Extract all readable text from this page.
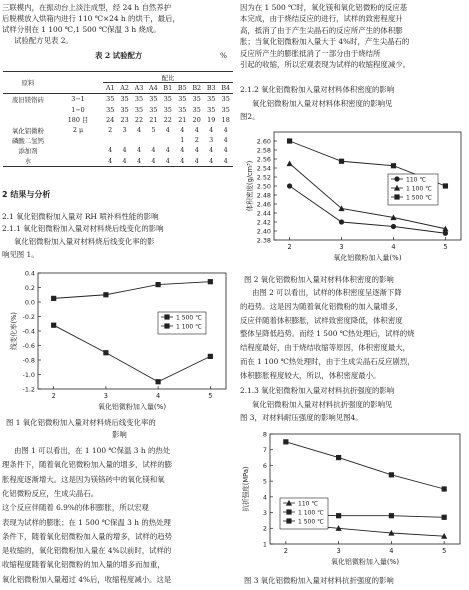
三联模内，在振动台上淡注成型，经 24 h 自然养护

后脱模放入烘箱内进行 110 ℃×24 h 的烘干，最后，

试样分别在 1 100 ℃,1 500 ℃保温 3 h 烧成。

试验配方见表 2。

表 2 试验配方	%

原料		配比								
		A1	A2	A3	A4	B1	B5	B2	B3	B4
废旧镁铬砖	3−1	35	35	35	35	35	35	35	35	35
	1−0	35	35	35	35	35	35	35	35	35
	180 目	24	23	22	21	22	21	20	19	18
氧化铝微粉	2 μ	2	3	4	5	4	4	4	4	4
磷酸二氢钙							1	2	3	4
添加剂		4	4	4	4	4	4	4	4	4
水		4	4	4	4	4	4	4	4	4

2 结果与分析

2.1 氧化铝微粉加入量对 RH 喷补料性能的影响

2.1.1 氧化铝微粉加入量对材料烧后线变化的影响

氧化铝微粉加入量对材料烧后线变化率的影

响见图 1。

0.4
0.2
0.0
-0.2
-0.4
-0.6
-0.8
-1.0
-1.2
2	3	4	5
氧化铝微粉加入量(%)
线变化率(%)	1 500 ℃
1 100 ℃

图 1 氧化铝微粉加入量对材料烧后线变化率的

影响

由图 1 可以看出，在 1 100 ℃保温 3 h 的热处

理条件下，随着氧化铝微粉加入量的增多，试样的膨

胀程度逐渐增大。这是因为镁铬砖中的氧化镁和氧

化铝微粉反应，生成尖晶石。

这个反应伴随着 6.9%的体积膨胀，所以宏观

表现为试样的膨胀；在 1 500 ℃保温 3 h 的热处理

条件下，随着氧化铝微粉加入量的增多，试样的趋势

是收缩的，氧化铝微粉加入量在 4%以前时，试样的

收缩程度随着氧化铝微粉的加入量的增多而加重，

氧化铝微粉加入量超过 4%后，收缩程度减小。这是

因为在 1 500 ℃时，氧化镁和氧化铝微粉的反应基

本完成，由于烧结反应的进行，试样的致密程度升

高，抵消了由于产生尖晶石的反应所产生的体积膨

胀；当氧化铝微粉加入量大于 4%时，产生尖晶石的

反应所产生的膨胀抵消了一部分由于烧结所

引起的收缩，所以宏观表现为试样的收缩程度减少。

2.1.2 氧化铝微粉加入量对材料体积密度的影响

氧化铝微粉加入量对材料体积密度的影响见

图2。

2.60
2.58
2.56
2.54
2.52
2.50
2.48
2.46
2.44
2.42
2.40
2.38
2	3	4	5
氧化铝微粉加入量(%)
体积密度(g/cm³)	110 ℃
1 100 ℃
1 500 ℃

图 2 氧化铝微粉加入量对材料体积密度的影响

由图 2 可以看出，试样的体积密度呈逐渐下降

的趋势。这是因为随着氧化铝微粉的加入量增多，

反应伴随着体积膨胀，试样致密度降低，体积密度

整体呈降低趋势。而经 1 500 ℃热处理后，试样的烧

结程度最好，由于烧结收缩等原因，体积密度最大，

而在 1 100 ℃热处理时，由于生成尖晶石反应剧烈，

体积膨胀程度较大，所以，体积密度最小。

2.1.3 氧化铝微粉加入量对材料抗折强度的影响

氧化铝微粉加入量对材料抗折强度的影响见

图 3，对材料耐压强度的影响见图4。

8
7
6
5
4
3
2
1
2	3	4	5
氧化铝微粉加入量(%)
抗折强度(MPa)	110 ℃
1 100 ℃
1 500 ℃

图 3 氧化铝微粉加入量对材料抗折强度的影响
